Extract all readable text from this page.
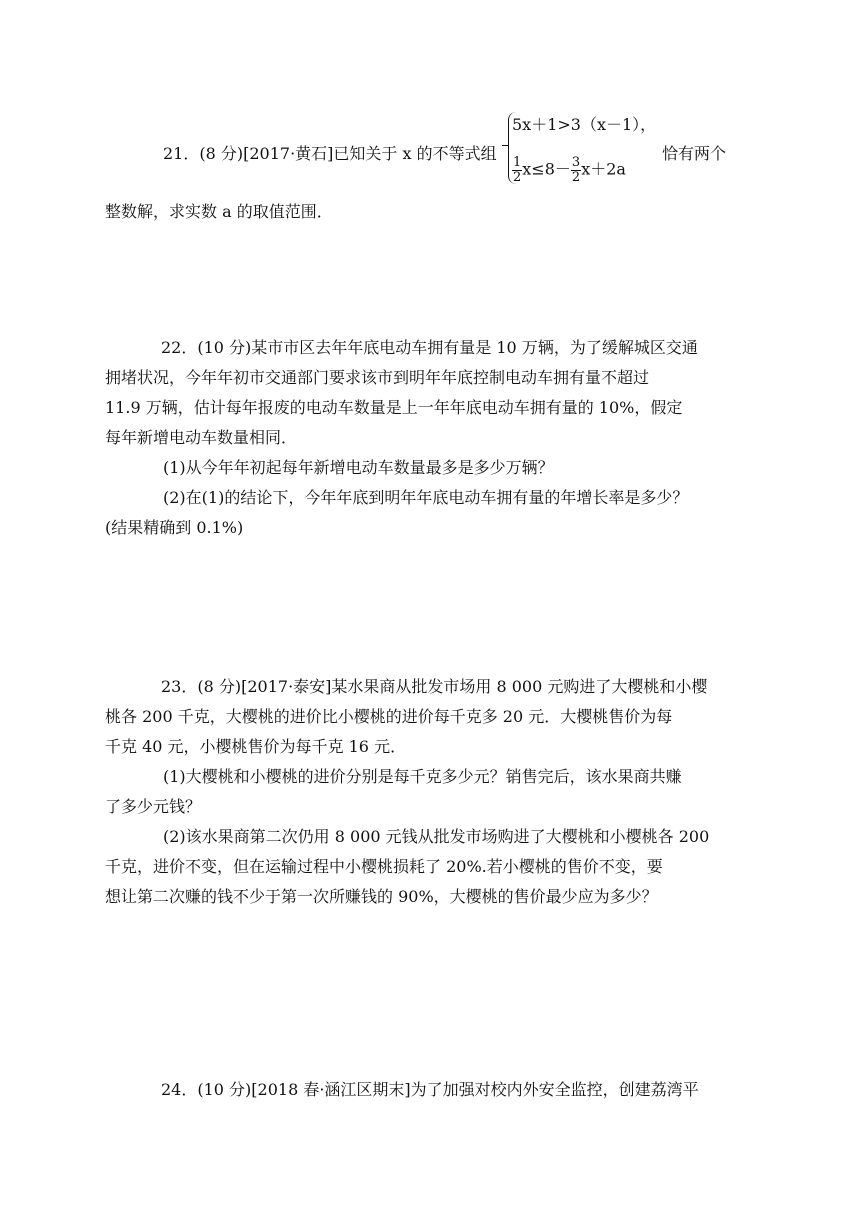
21．(8 分)[2017·黄石]已知关于 x 的不等式组
5x＋1>3（x－1），
$\frac{1}{2} x\le 8- \frac{3}{2} x+2a$
恰有两个
整数解，求实数 a 的取值范围．
22．(10 分)某市市区去年年底电动车拥有量是 10 万辆，为了缓解城区交通
拥堵状况，今年年初市交通部门要求该市到明年年底控制电动车拥有量不超过
11.9 万辆，估计每年报废的电动车数量是上一年年底电动车拥有量的 10%，假定
每年新增电动车数量相同．
(1)从今年年初起每年新增电动车数量最多是多少万辆？
(2)在(1)的结论下，今年年底到明年年底电动车拥有量的年增长率是多少？
(结果精确到 0.1%)
23．(8 分)[2017·泰安]某水果商从批发市场用 8 000 元购进了大樱桃和小樱
桃各 200 千克，大樱桃的进价比小樱桃的进价每千克多 20 元．大樱桃售价为每
千克 40 元，小樱桃售价为每千克 16 元．
(1)大樱桃和小樱桃的进价分别是每千克多少元？销售完后，该水果商共赚
了多少元钱？
(2)该水果商第二次仍用 8 000 元钱从批发市场购进了大樱桃和小樱桃各 200
千克，进价不变，但在运输过程中小樱桃损耗了 20%.若小樱桃的售价不变，要
想让第二次赚的钱不少于第一次所赚钱的 90%，大樱桃的售价最少应为多少？
24．(10 分)[2018 春·涵江区期末]为了加强对校内外安全监控，创建荔湾平
